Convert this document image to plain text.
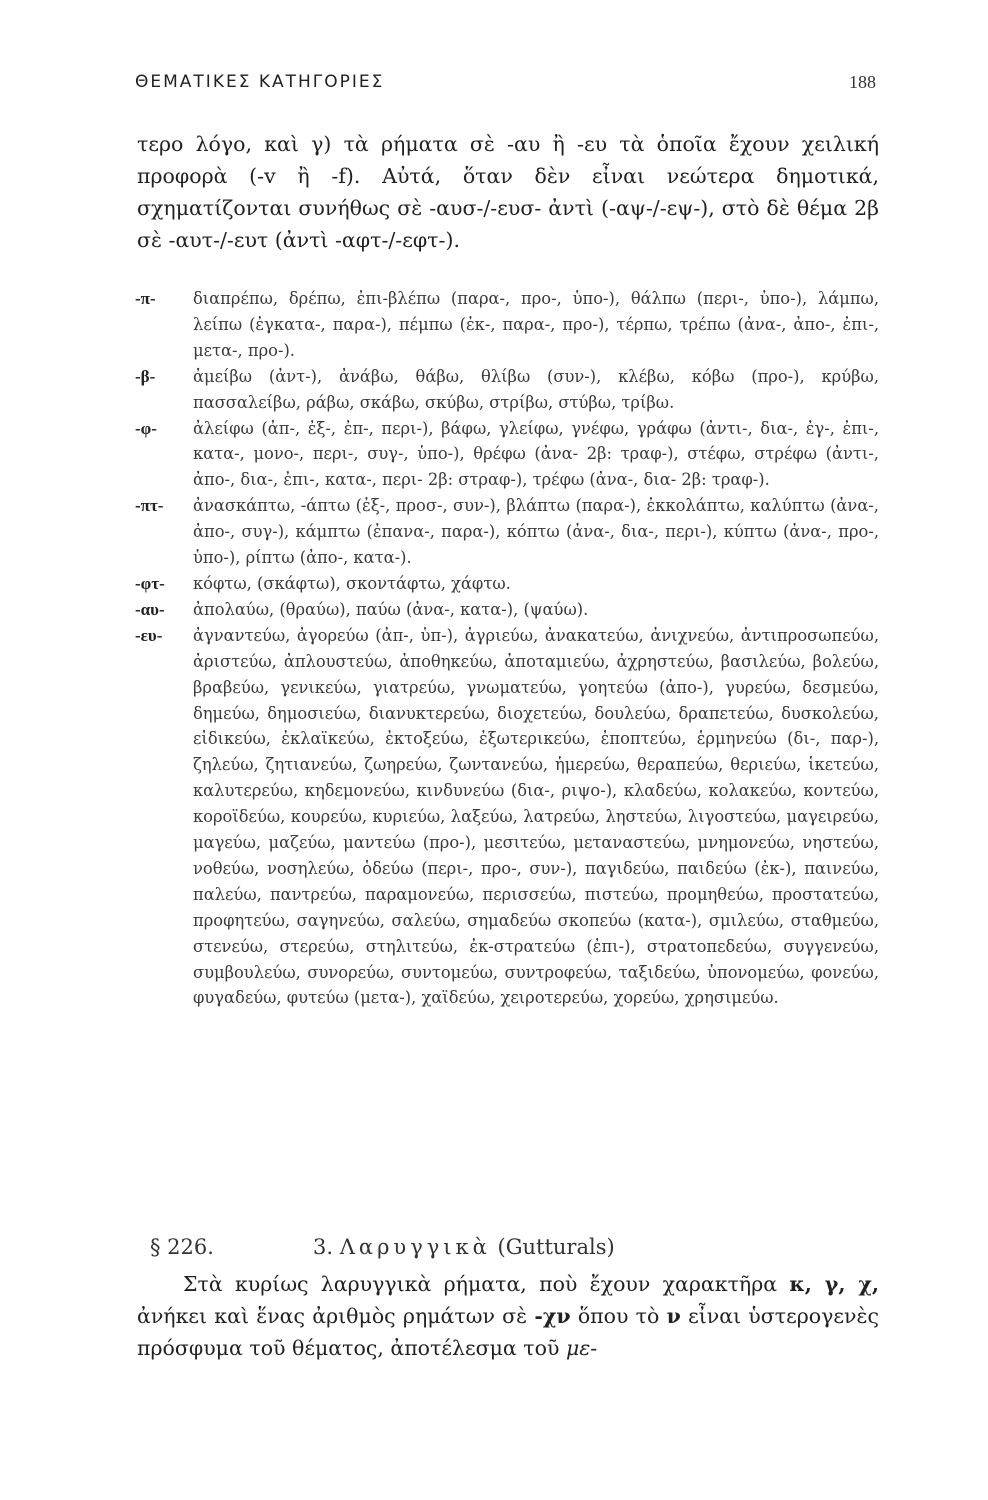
ΘΕΜΑΤΙΚΕΣ ΚΑΤΗΓΟΡΙΕΣ	188

τερο λόγο, καὶ γ) τὰ ρήματα σὲ -αυ ἢ -ευ τὰ ὁποῖα ἔχουν χειλική προφορὰ (-v ἢ -f). Αὐτά, ὅταν δὲν εἶναι νεώτερα δημοτικά, σχηματίζονται συνήθως σὲ -αυσ-/-ευσ- ἀντὶ (-αψ-/-εψ-), στὸ δὲ θέμα 2β σὲ -αυτ-/-ευτ (ἀντὶ -αφτ-/-εφτ-).

-π- διαπρέπω, δρέπω, ἐπι-βλέπω (παρα-, προ-, ὑπο-), θάλπω (περι-, ὑπο-), λάμπω, λείπω (ἐγκατα-, παρα-), πέμπω (ἐκ-, παρα-, προ-), τέρπω, τρέπω (ἀνα-, ἀπο-, ἐπι-, μετα-, προ-).

-β- ἀμείβω (ἀντ-), ἀνάβω, θάβω, θλίβω (συν-), κλέβω, κόβω (προ-), κρύβω, πασσαλείβω, ράβω, σκάβω, σκύβω, στρίβω, στύβω, τρίβω.

-φ- ἀλείφω (ἀπ-, ἐξ-, ἐπ-, περι-), βάφω, γλείφω, γνέφω, γράφω (ἀντι-, δια-, ἐγ-, ἐπι-, κατα-, μονο-, περι-, συγ-, ὑπο-), θρέφω (ἀνα- 2β: τραφ-), στέφω, στρέφω (ἀντι-, ἀπο-, δια-, ἐπι-, κατα-, περι- 2β: στραφ-), τρέφω (ἀνα-, δια- 2β: τραφ-).

-πτ- ἀνασκάπτω, -άπτω (ἐξ-, προσ-, συν-), βλάπτω (παρα-), ἐκκολάπτω, καλύπτω (ἀνα-, ἀπο-, συγ-), κάμπτω (ἐπανα-, παρα-), κόπτω (ἀνα-, δια-, περι-), κύπτω (ἀνα-, προ-, ὑπο-), ρίπτω (ἀπο-, κατα-).

-φτ- κόφτω, (σκάφτω), σκοντάφτω, χάφτω.

-αυ- ἀπολαύω, (θραύω), παύω (ἀνα-, κατα-), (ψαύω).

-ευ- ἀγναντεύω, ἀγορεύω (ἀπ-, ὑπ-), ἀγριεύω, ἀνακατεύω, ἀνιχνεύω, ἀντιπροσωπεύω, ἀριστεύω, ἀπλουστεύω, ἀποθηκεύω, ἀποταμιεύω, ἀχρηστεύω, βασιλεύω, βολεύω, βραβεύω, γενικεύω, γιατρεύω, γνωματεύω, γοητεύω (ἀπο-), γυρεύω, δεσμεύω, δημεύω, δημοσιεύω, διανυκτερεύω, διοχετεύω, δουλεύω, δραπετεύω, δυσκολεύω, εἰδικεύω, ἐκλαϊκεύω, ἐκτοξεύω, ἐξωτερικεύω, ἐποπτεύω, ἑρμηνεύω (δι-, παρ-), ζηλεύω, ζητιανεύω, ζωηρεύω, ζωντανεύω, ἡμερεύω, θεραπεύω, θεριεύω, ἱκετεύω, καλυτερεύω, κηδεμονεύω, κινδυνεύω (δια-, ριψο-), κλαδεύω, κολακεύω, κοντεύω, κοροϊδεύω, κουρεύω, κυριεύω, λαξεύω, λατρεύω, ληστεύω, λιγοστεύω, μαγειρεύω, μαγεύω, μαζεύω, μαντεύω (προ-), μεσιτεύω, μεταναστεύω, μνημονεύω, νηστεύω, νοθεύω, νοσηλεύω, ὁδεύω (περι-, προ-, συν-), παγιδεύω, παιδεύω (ἐκ-), παινεύω, παλεύω, παντρεύω, παραμονεύω, περισσεύω, πιστεύω, προμηθεύω, προστατεύω, προφητεύω, σαγηνεύω, σαλεύω, σημαδεύω σκοπεύω (κατα-), σμιλεύω, σταθμεύω, στενεύω, στερεύω, στηλιτεύω, ἐκ-στρατεύω (ἐπι-), στρατοπεδεύω, συγγενεύω, συμβουλεύω, συνορεύω, συντομεύω, συντροφεύω, ταξιδεύω, ὑπονομεύω, φονεύω, φυγαδεύω, φυτεύω (μετα-), χαϊδεύω, χειροτερεύω, χορεύω, χρησιμεύω.

§ 226.	3. Λαρυγγικὰ (Gutturals)

Στὰ κυρίως λαρυγγικὰ ρήματα, ποὺ ἔχουν χαρακτῆρα κ, γ, χ, ἀνήκει καὶ ἕνας ἀριθμὸς ρημάτων σὲ -χν ὅπου τὸ ν εἶναι ὑστερογενὲς πρόσφυμα τοῦ θέματος, ἀποτέλεσμα τοῦ με-
